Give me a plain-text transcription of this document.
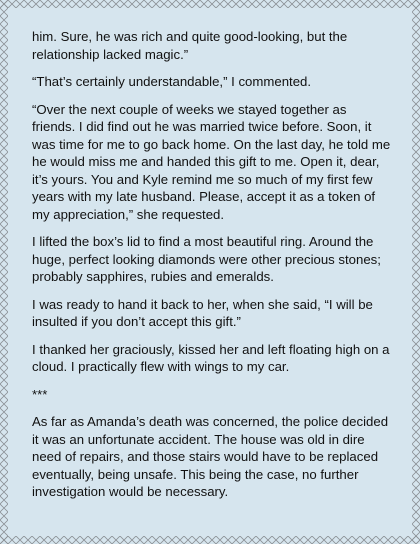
him. Sure, he was rich and quite good-looking, but the relationship lacked magic.”

“That’s certainly understandable,” I commented.

“Over the next couple of weeks we stayed together as friends. I did find out he was married twice before. Soon, it was time for me to go back home. On the last day, he told me he would miss me and handed this gift to me. Open it, dear, it’s yours. You and Kyle remind me so much of my first few years with my late husband. Please, accept it as a token of my appreciation,” she requested.

I lifted the box’s lid to find a most beautiful ring. Around the huge, perfect looking diamonds were other precious stones; probably sapphires, rubies and emeralds.

I was ready to hand it back to her, when she said, “I will be insulted if you don’t accept this gift.”

I thanked her graciously, kissed her and left floating high on a cloud. I practically flew with wings to my car.

***

As far as Amanda’s death was concerned, the police decided it was an unfortunate accident. The house was old in dire need of repairs, and those stairs would have to be replaced eventually, being unsafe. This being the case, no further investigation would be necessary.
